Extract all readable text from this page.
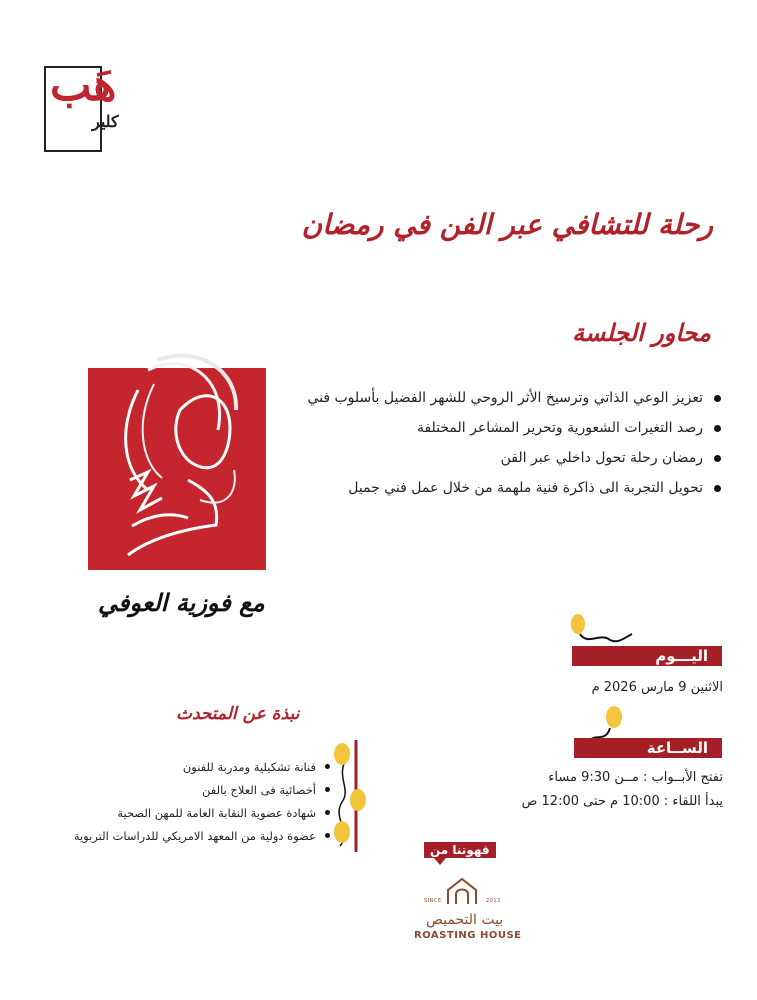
هَب
كلير
رحلة للتشافي عبر الفن في رمضان
محاور الجلسة
تعزيز الوعي الذاتي وترسيخ الأثر الروحي للشهر الفضيل بأسلوب فني
رصد التغيرات الشعورية وتحرير المشاعر المختلفة
رمضان رحلة تحول داخلي عبر الفن
تحويل التجربة الى ذاكرة فنية ملهمة من خلال عمل فني جميل
مع فوزية العوفي
اليـــوم
الاثنين 9 مارس 2026 م
الســاعة
تفتح الأبــواب : مــن 9:30 مساء
يبدأ اللقاء : 10:00 م حتى 12:00 ص
نبذة عن المتحدث
فنانة تشكيلية ومدربة للفنون
أخصائية فى العلاج بالفن
شهادة عضوية النقابة العامة للمهن الصحية
عضوة دولية من المعهد الامريكي للدراسات التربوية
قهوتنا من
SINCE	2013
بيت التحميص
ROASTING HOUSE
